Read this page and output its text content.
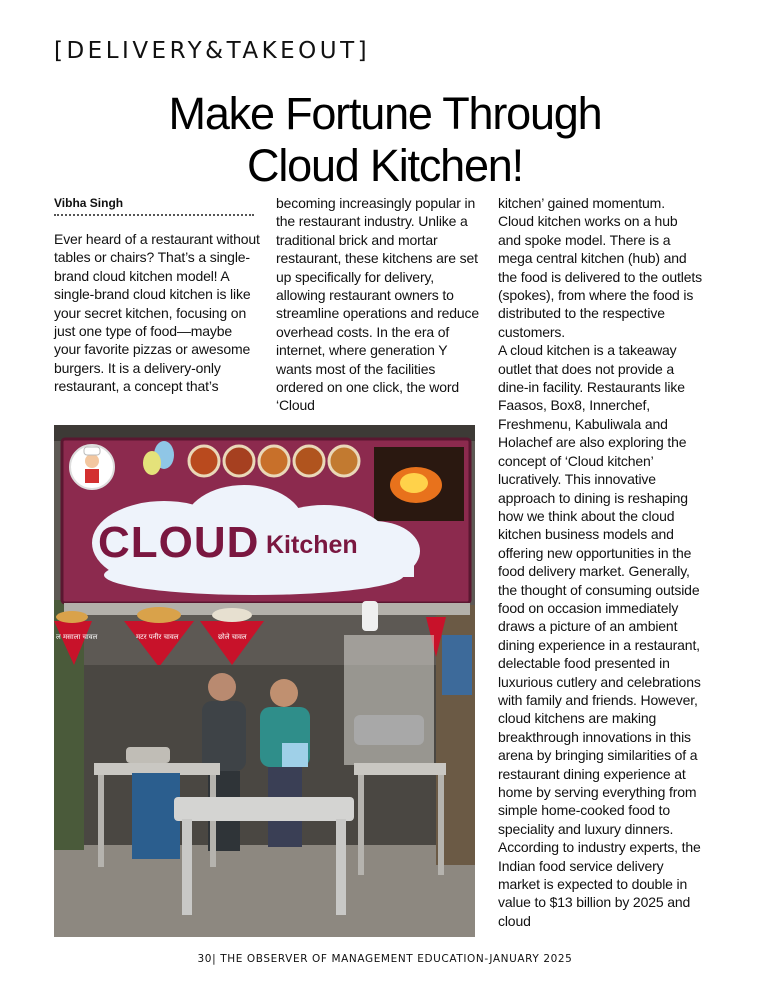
[DELIVERY&TAKEOUT]
Make Fortune Through
Cloud Kitchen!
Vibha Singh

Ever heard of a restaurant without tables or chairs? That’s a single-brand cloud kitchen model! A single-brand cloud kitchen is like your secret kitchen, focusing on just one type of food—maybe your favorite pizzas or awesome burgers. It is a delivery-only restaurant, a concept that’s

becoming increasingly popular in the restaurant industry. Unlike a traditional brick and mortar restaurant, these kitchens are set up specifically for delivery, allowing restaurant owners to streamline operations and reduce overhead costs. In the era of internet, where generation Y wants most of the facilities ordered on one click, the word ‘Cloud

kitchen’ gained momentum. Cloud kitchen works on a hub and spoke model. There is a mega central kitchen (hub) and the food is delivered to the outlets (spokes), from where the food is distributed to the respective customers.

A cloud kitchen is a takeaway outlet that does not provide a dine-in facility. Restaurants like Faasos, Box8, Innerchef, Freshmenu, Kabuliwala and Holachef are also exploring the concept of ‘Cloud kitchen’ lucratively. This innovative approach to dining is reshaping how we think about the cloud kitchen business models and offering new opportunities in the food delivery market. Generally, the thought of consuming outside food on occasion immediately draws a picture of an ambient dining experience in a restaurant, delectable food presented in luxurious cutlery and celebrations with family and friends. However, cloud kitchens are making breakthrough innovations in this arena by bringing similarities of a restaurant dining experience at home by serving everything from simple home-cooked food to speciality and luxury dinners. According to industry experts, the Indian food service delivery market is expected to double in value to $13 billion by 2025 and cloud

CLOUD Kitchen
ल मसाला चावल	मटर पनीर चावल	छोले चावल
30| THE OBSERVER OF MANAGEMENT EDUCATION-JANUARY 2025
